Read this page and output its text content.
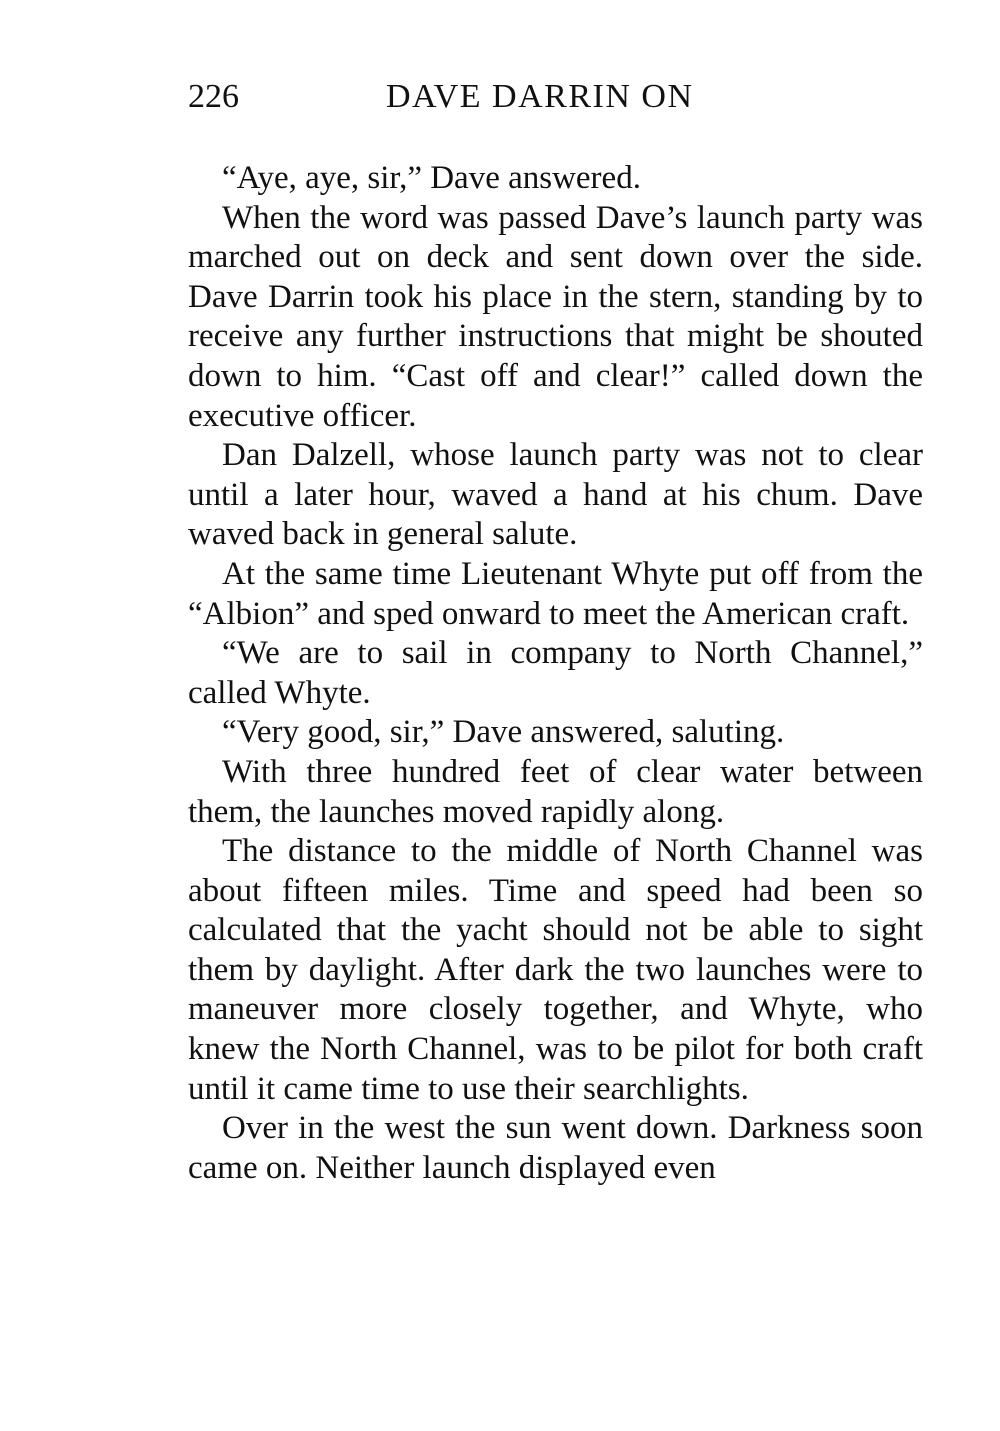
226	DAVE DARRIN ON

“Aye, aye, sir,” Dave answered.

When the word was passed Dave’s launch party was marched out on deck and sent down over the side. Dave Darrin took his place in the stern, standing by to receive any further instructions that might be shouted down to him. “Cast off and clear!” called down the executive officer.

Dan Dalzell, whose launch party was not to clear until a later hour, waved a hand at his chum. Dave waved back in general salute.

At the same time Lieutenant Whyte put off from the “Albion” and sped onward to meet the American craft.

“We are to sail in company to North Channel,” called Whyte.

“Very good, sir,” Dave answered, saluting.

With three hundred feet of clear water between them, the launches moved rapidly along.

The distance to the middle of North Channel was about fifteen miles. Time and speed had been so calculated that the yacht should not be able to sight them by daylight. After dark the two launches were to maneuver more closely together, and Whyte, who knew the North Channel, was to be pilot for both craft until it came time to use their searchlights.

Over in the west the sun went down. Darkness soon came on. Neither launch displayed even
